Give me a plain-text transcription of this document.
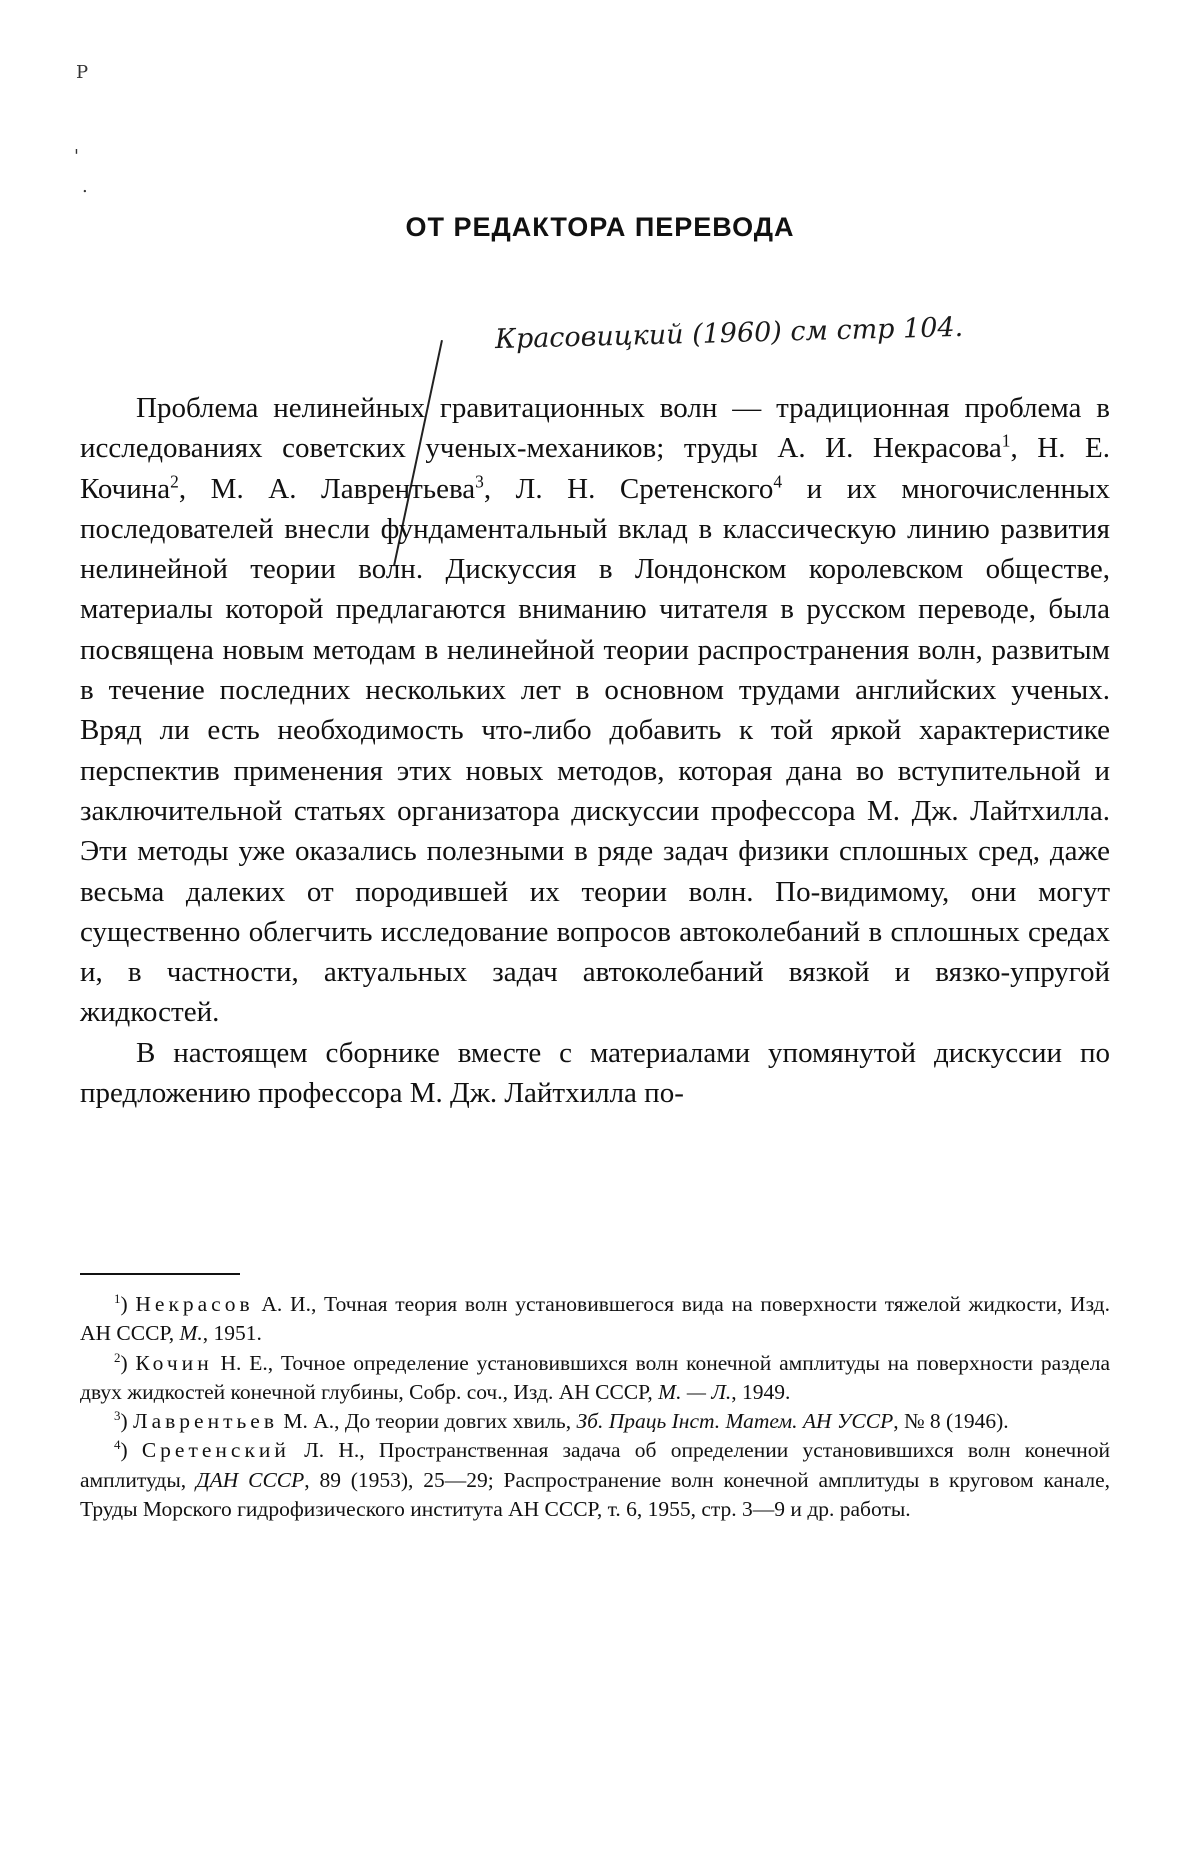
P
'
.
ОТ РЕДАКТОРА ПЕРЕВОДА
Красовицкий (1960) см стр 104.

Проблема нелинейных гравитационных волн — традиционная проблема в исследованиях советских ученых-механиков; труды А. И. Некрасова$^1$, Н. Е. Кочина$^2$, М. А. Лаврентьева$^3$, Л. Н. Сретенского$^4$ и их многочисленных последователей внесли фундаментальный вклад в классическую линию развития нелинейной теории волн. Дискуссия в Лондонском королевском обществе, материалы которой предлагаются вниманию читателя в русском переводе, была посвящена новым методам в нелинейной теории распространения волн, развитым в течение последних нескольких лет в основном трудами английских ученых. Вряд ли есть необходимость что-либо добавить к той яркой характеристике перспектив применения этих новых методов, которая дана во вступительной и заключительной статьях организатора дискуссии профессора М. Дж. Лайтхилла. Эти методы уже оказались полезными в ряде задач физики сплошных сред, даже весьма далеких от породившей их теории волн. По-видимому, они могут существенно облегчить исследование вопросов автоколебаний в сплошных средах и, в частности, актуальных задач автоколебаний вязкой и вязко-упругой жидкостей.

В настоящем сборнике вместе с материалами упомянутой дискуссии по предложению профессора М. Дж. Лайтхилла по-

$^1$) Некрасов А. И., Точная теория волн установившегося вида на поверхности тяжелой жидкости, Изд. АН СССР, М., 1951.

$^2$) Кочин Н. Е., Точное определение установившихся волн конечной амплитуды на поверхности раздела двух жидкостей конечной глубины, Собр. соч., Изд. АН СССР, М. — Л., 1949.

$^3$) Лаврентьев М. А., До теории довгих хвиль, Зб. Праць Інст. Матем. АН УССР, № 8 (1946).

$^4$) Сретенский Л. Н., Пространственная задача об определении установившихся волн конечной амплитуды, ДАН СССР, 89 (1953), 25—29; Распространение волн конечной амплитуды в круговом канале, Труды Морского гидрофизического института АН СССР, т. 6, 1955, стр. 3—9 и др. работы.
